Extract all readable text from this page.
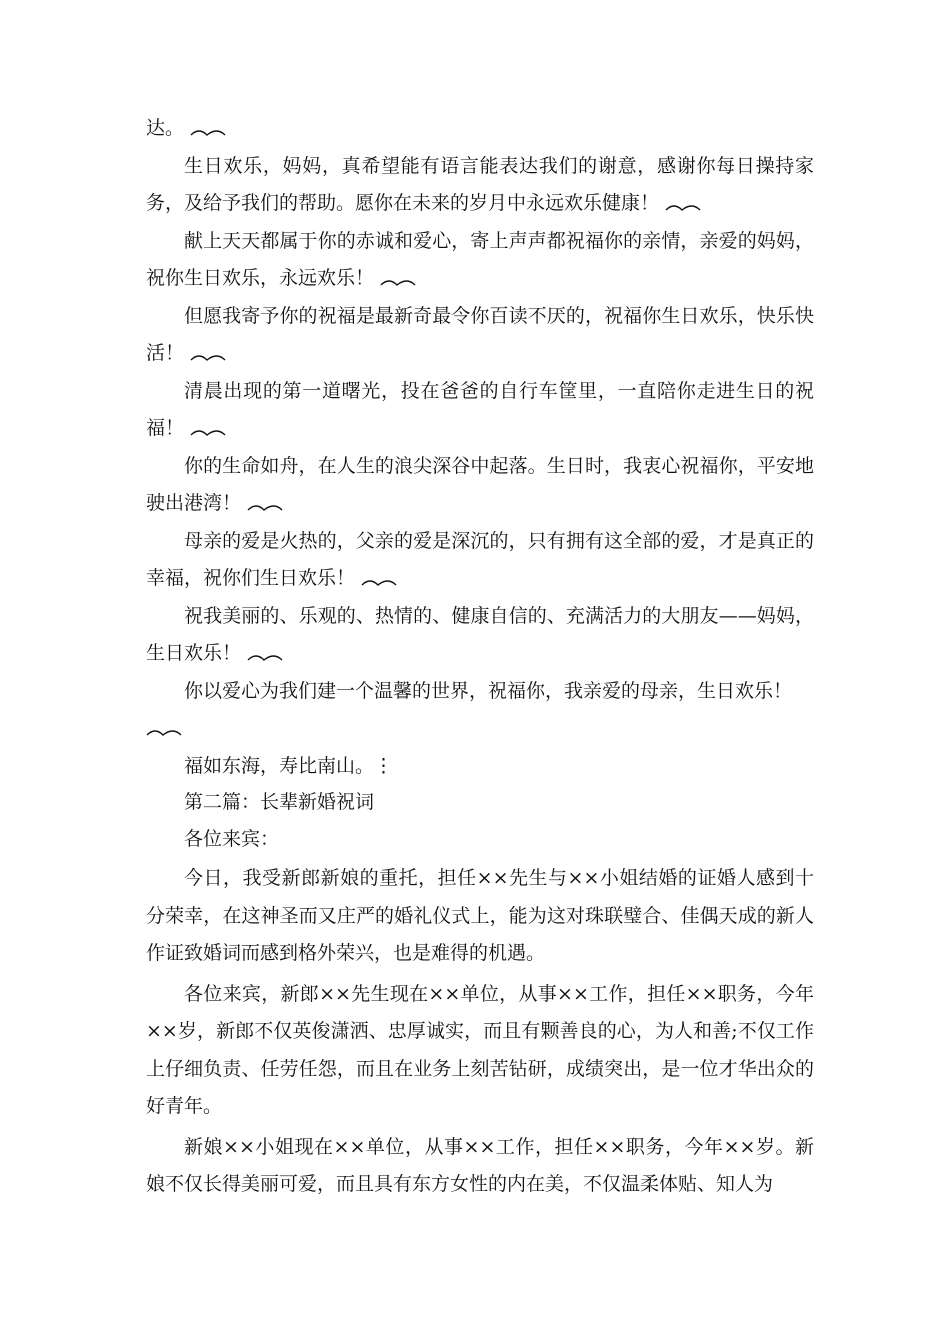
达。

生日欢乐，妈妈，真希望能有语言能表达我们的谢意，感谢你每日操持家务，及给予我们的帮助。愿你在未来的岁月中永远欢乐健康！

献上天天都属于你的赤诚和爱心，寄上声声都祝福你的亲情，亲爱的妈妈，祝你生日欢乐，永远欢乐！

但愿我寄予你的祝福是最新奇最令你百读不厌的，祝福你生日欢乐，快乐快活！

清晨出现的第一道曙光，投在爸爸的自行车筐里，一直陪你走进生日的祝福！

你的生命如舟，在人生的浪尖深谷中起落。生日时，我衷心祝福你，平安地驶出港湾！

母亲的爱是火热的，父亲的爱是深沉的，只有拥有这全部的爱，才是真正的幸福，祝你们生日欢乐！

祝我美丽的、乐观的、热情的、健康自信的、充满活力的大朋友——妈妈，生日欢乐！

你以爱心为我们建一个温馨的世界，祝福你，我亲爱的母亲，生日欢乐！

福如东海，寿比南山。⋮

第二篇：长辈新婚祝词

各位来宾：

今日，我受新郎新娘的重托，担任××先生与××小姐结婚的证婚人感到十分荣幸，在这神圣而又庄严的婚礼仪式上，能为这对珠联璧合、佳偶天成的新人作证致婚词而感到格外荣兴，也是难得的机遇。

各位来宾，新郎××先生现在××单位，从事××工作，担任××职务，今年××岁，新郎不仅英俊潇洒、忠厚诚实，而且有颗善良的心，为人和善;不仅工作上仔细负责、任劳任怨，而且在业务上刻苦钻研，成绩突出，是一位才华出众的好青年。

新娘××小姐现在××单位，从事××工作，担任××职务，今年××岁。新娘不仅长得美丽可爱，而且具有东方女性的内在美，不仅温柔体贴、知人为
